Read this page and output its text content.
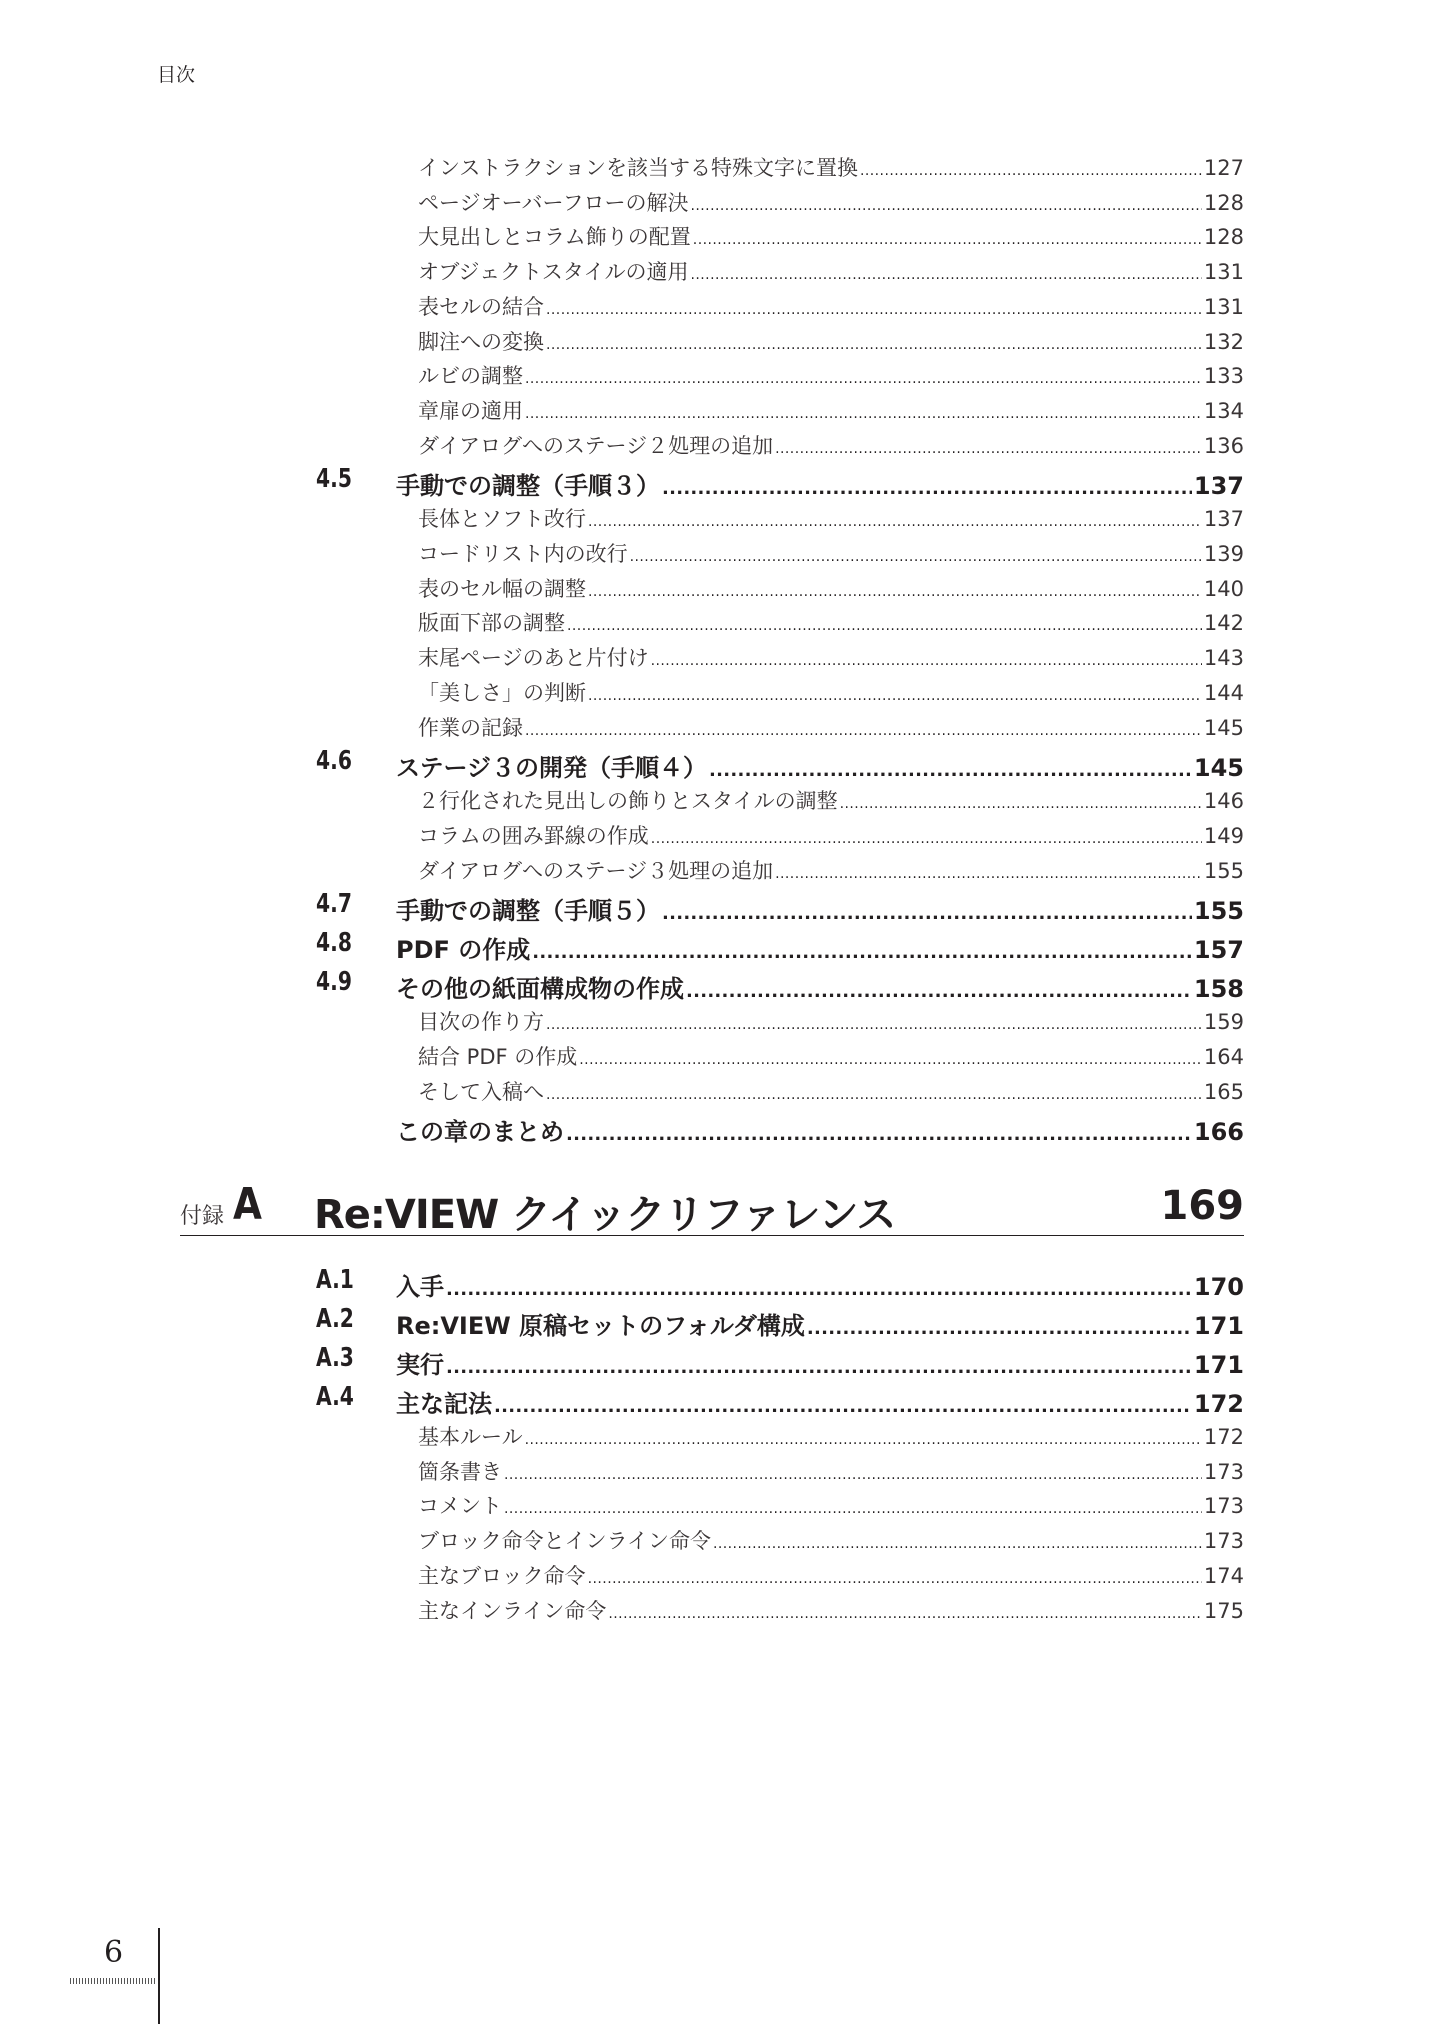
目次
インストラクションを該当する特殊文字に置換 . . .	127
ページオーバーフローの解決 . . .	128
大見出しとコラム飾りの配置 . . .	128
オブジェクトスタイルの適用 . . .	131
表セルの結合 . . .	131
脚注への変換 . . .	132
ルビの調整 . . .	133
章扉の適用 . . .	134
ダイアログへのステージ２処理の追加 . . .	136
4.5 手動での調整（手順３） . . .	137
長体とソフト改行 . . .	137
コードリスト内の改行 . . .	139
表のセル幅の調整 . . .	140
版面下部の調整 . . .	142
末尾ページのあと片付け . . .	143
「美しさ」の判断 . . .	144
作業の記録 . . .	145
4.6 ステージ３の開発（手順４） . . .	145
２行化された見出しの飾りとスタイルの調整 . . .	146
コラムの囲み罫線の作成 . . .	149
ダイアログへのステージ３処理の追加 . . .	155
4.7 手動での調整（手順５） . . .	155
4.8 PDF の作成 . . .	157
4.9 その他の紙面構成物の作成 . . .	158
目次の作り方 . . .	159
結合 PDF の作成 . . .	164
そして入稿へ . . .	165
この章のまとめ . . .	166
付録 A Re:VIEW クイックリファレンス	169
A.1 入手 . . .	170
A.2 Re:VIEW 原稿セットのフォルダ構成 . . .	171
A.3 実行 . . .	171
A.4 主な記法 . . .	172
基本ルール . . .	172
箇条書き . . .	173
コメント . . .	173
ブロック命令とインライン命令 . . .	173
主なブロック命令 . . .	174
主なインライン命令 . . .	175
6
